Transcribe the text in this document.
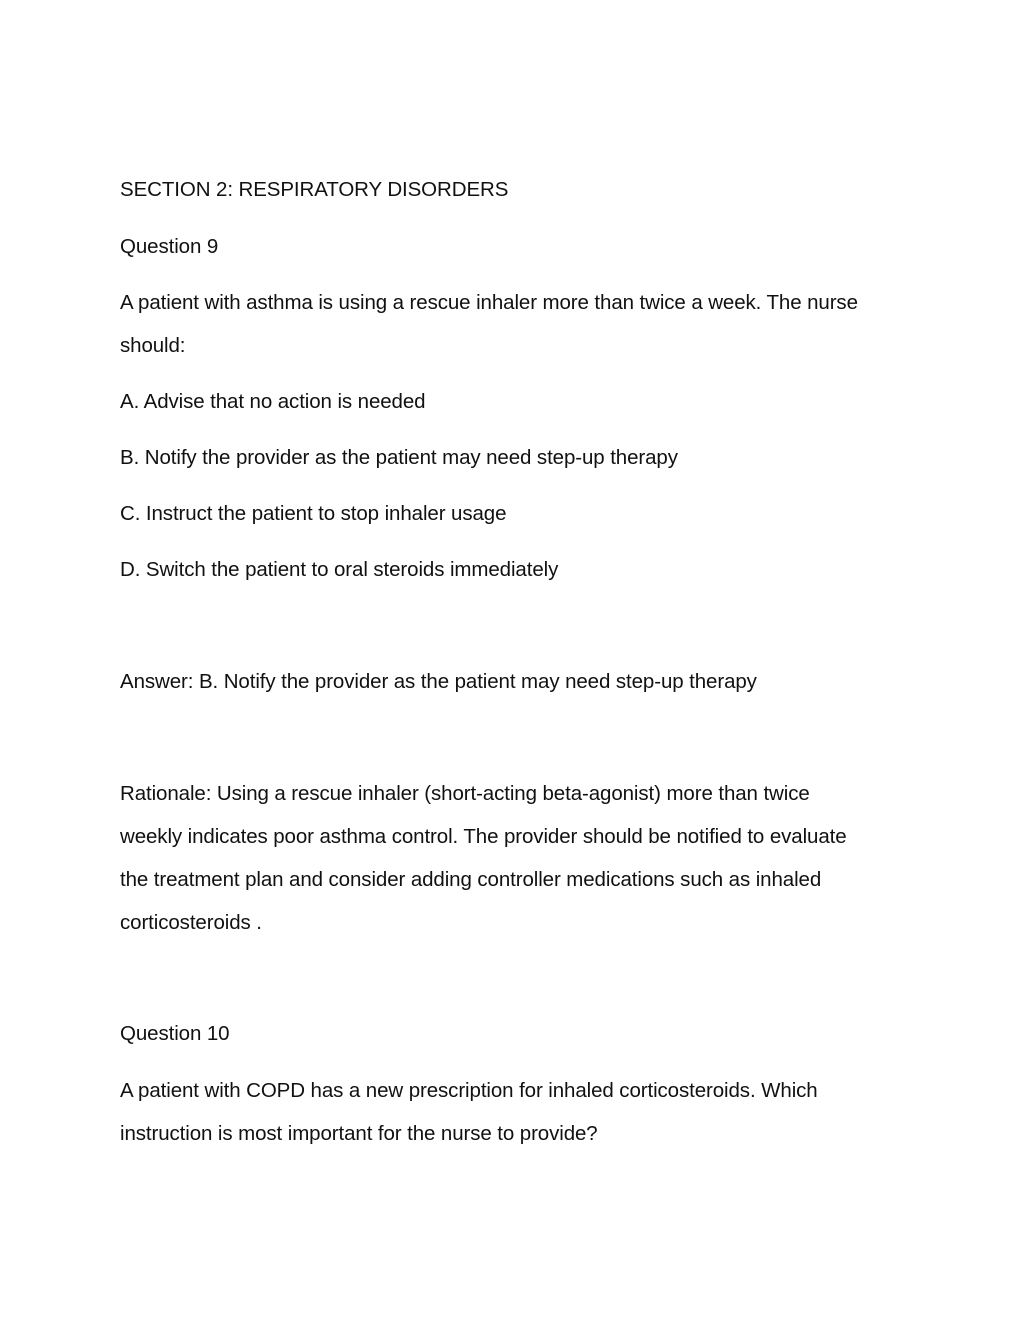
SECTION 2: RESPIRATORY DISORDERS
Question 9
A patient with asthma is using a rescue inhaler more than twice a week. The nurse
should:
A. Advise that no action is needed
B. Notify the provider as the patient may need step-up therapy
C. Instruct the patient to stop inhaler usage
D. Switch the patient to oral steroids immediately
Answer: B. Notify the provider as the patient may need step-up therapy
Rationale: Using a rescue inhaler (short-acting beta-agonist) more than twice
weekly indicates poor asthma control. The provider should be notified to evaluate
the treatment plan and consider adding controller medications such as inhaled
corticosteroids .
Question 10
A patient with COPD has a new prescription for inhaled corticosteroids. Which
instruction is most important for the nurse to provide?
